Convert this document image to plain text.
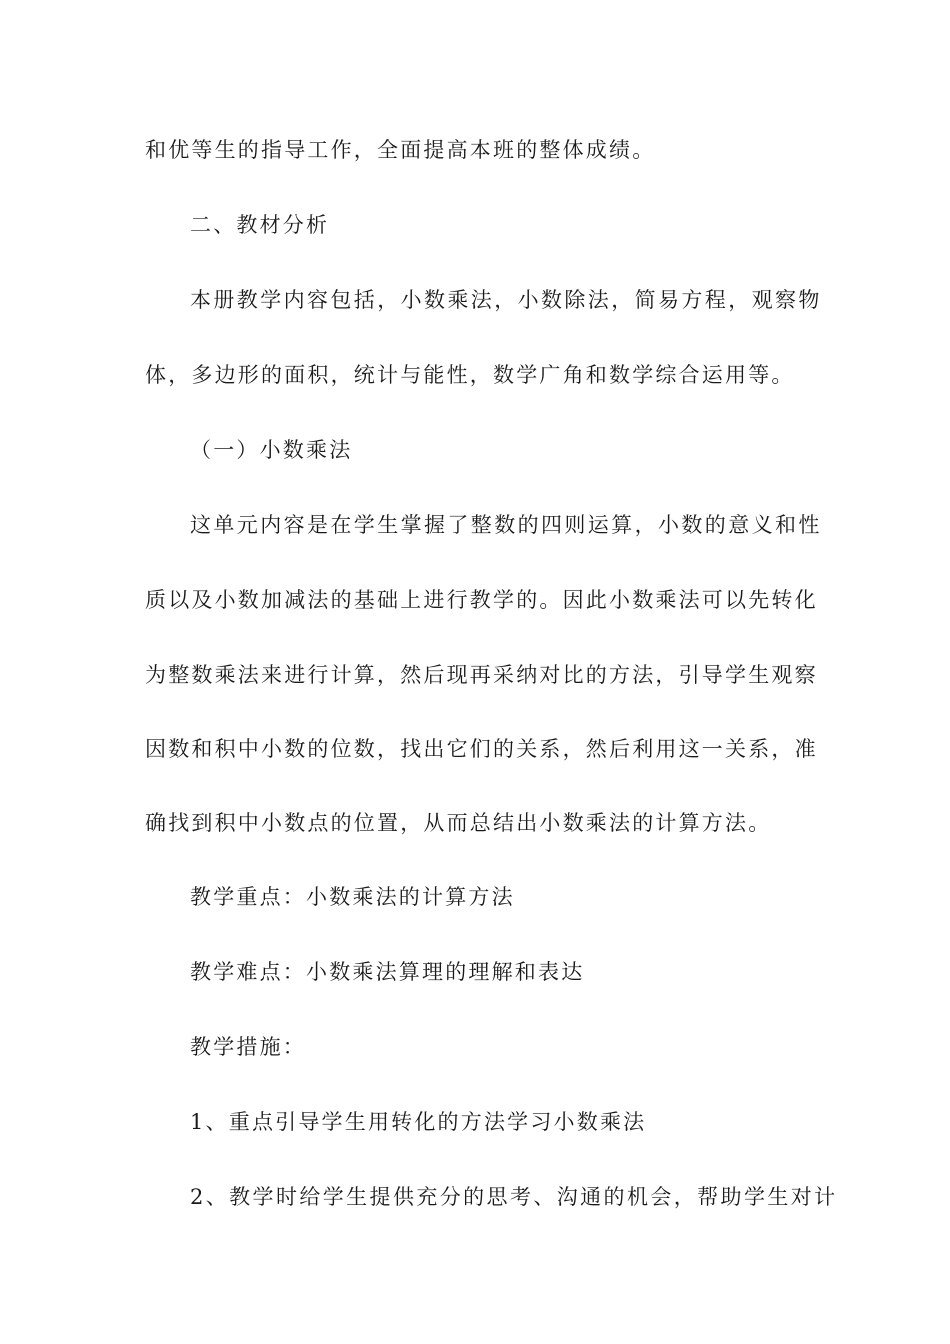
和优等生的指导工作，全面提高本班的整体成绩。
二、教材分析
本册教学内容包括，小数乘法，小数除法，简易方程，观察物
体，多边形的面积，统计与能性，数学广角和数学综合运用等。
（一）小数乘法
这单元内容是在学生掌握了整数的四则运算，小数的意义和性
质以及小数加减法的基础上进行教学的。因此小数乘法可以先转化
为整数乘法来进行计算，然后现再采纳对比的方法，引导学生观察
因数和积中小数的位数，找出它们的关系，然后利用这一关系，准
确找到积中小数点的位置，从而总结出小数乘法的计算方法。
教学重点：小数乘法的计算方法
教学难点：小数乘法算理的理解和表达
教学措施：
1、重点引导学生用转化的方法学习小数乘法
2、教学时给学生提供充分的思考、沟通的机会，帮助学生对计
